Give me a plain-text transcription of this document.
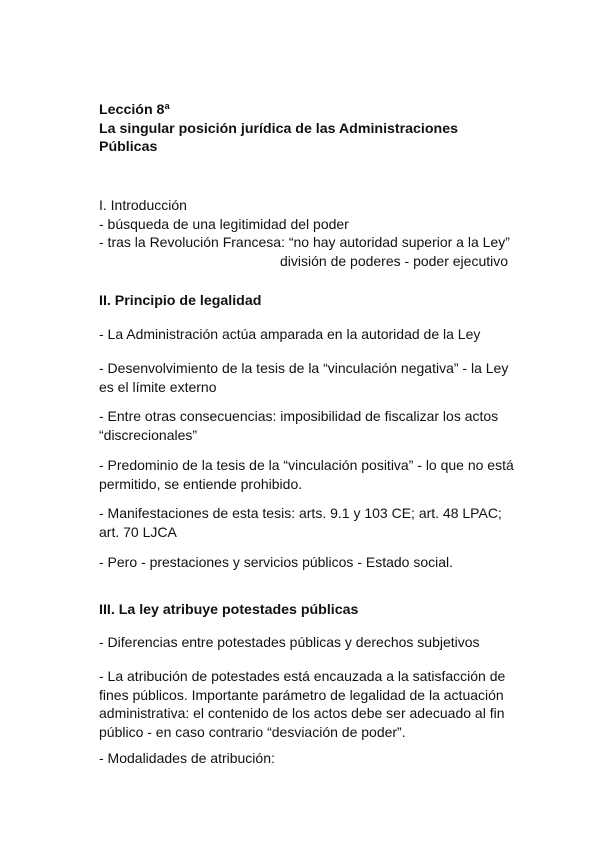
Lección 8ª
La singular posición jurídica de las Administraciones
Públicas
I. Introducción
- búsqueda de una legitimidad del poder
- tras la Revolución Francesa: “no hay autoridad superior a la Ley”
división de poderes - poder ejecutivo
II. Principio de legalidad
- La Administración actúa amparada en la autoridad de la Ley
- Desenvolvimiento de la tesis de la “vinculación negativa” - la Ley es el límite externo
- Entre otras consecuencias: imposibilidad de fiscalizar los actos “discrecionales”
- Predominio de la tesis de la “vinculación positiva” - lo que no está permitido, se entiende prohibido.
- Manifestaciones de esta tesis: arts. 9.1 y 103 CE; art. 48 LPAC; art. 70 LJCA
- Pero - prestaciones y servicios públicos - Estado social.
III. La ley atribuye potestades públicas
- Diferencias entre potestades públicas y derechos subjetivos
- La atribución de potestades está encauzada a la satisfacción de fines públicos. Importante parámetro de legalidad de la actuación administrativa: el contenido de los actos debe ser adecuado al fin público - en caso contrario “desviación de poder”.
- Modalidades de atribución:
